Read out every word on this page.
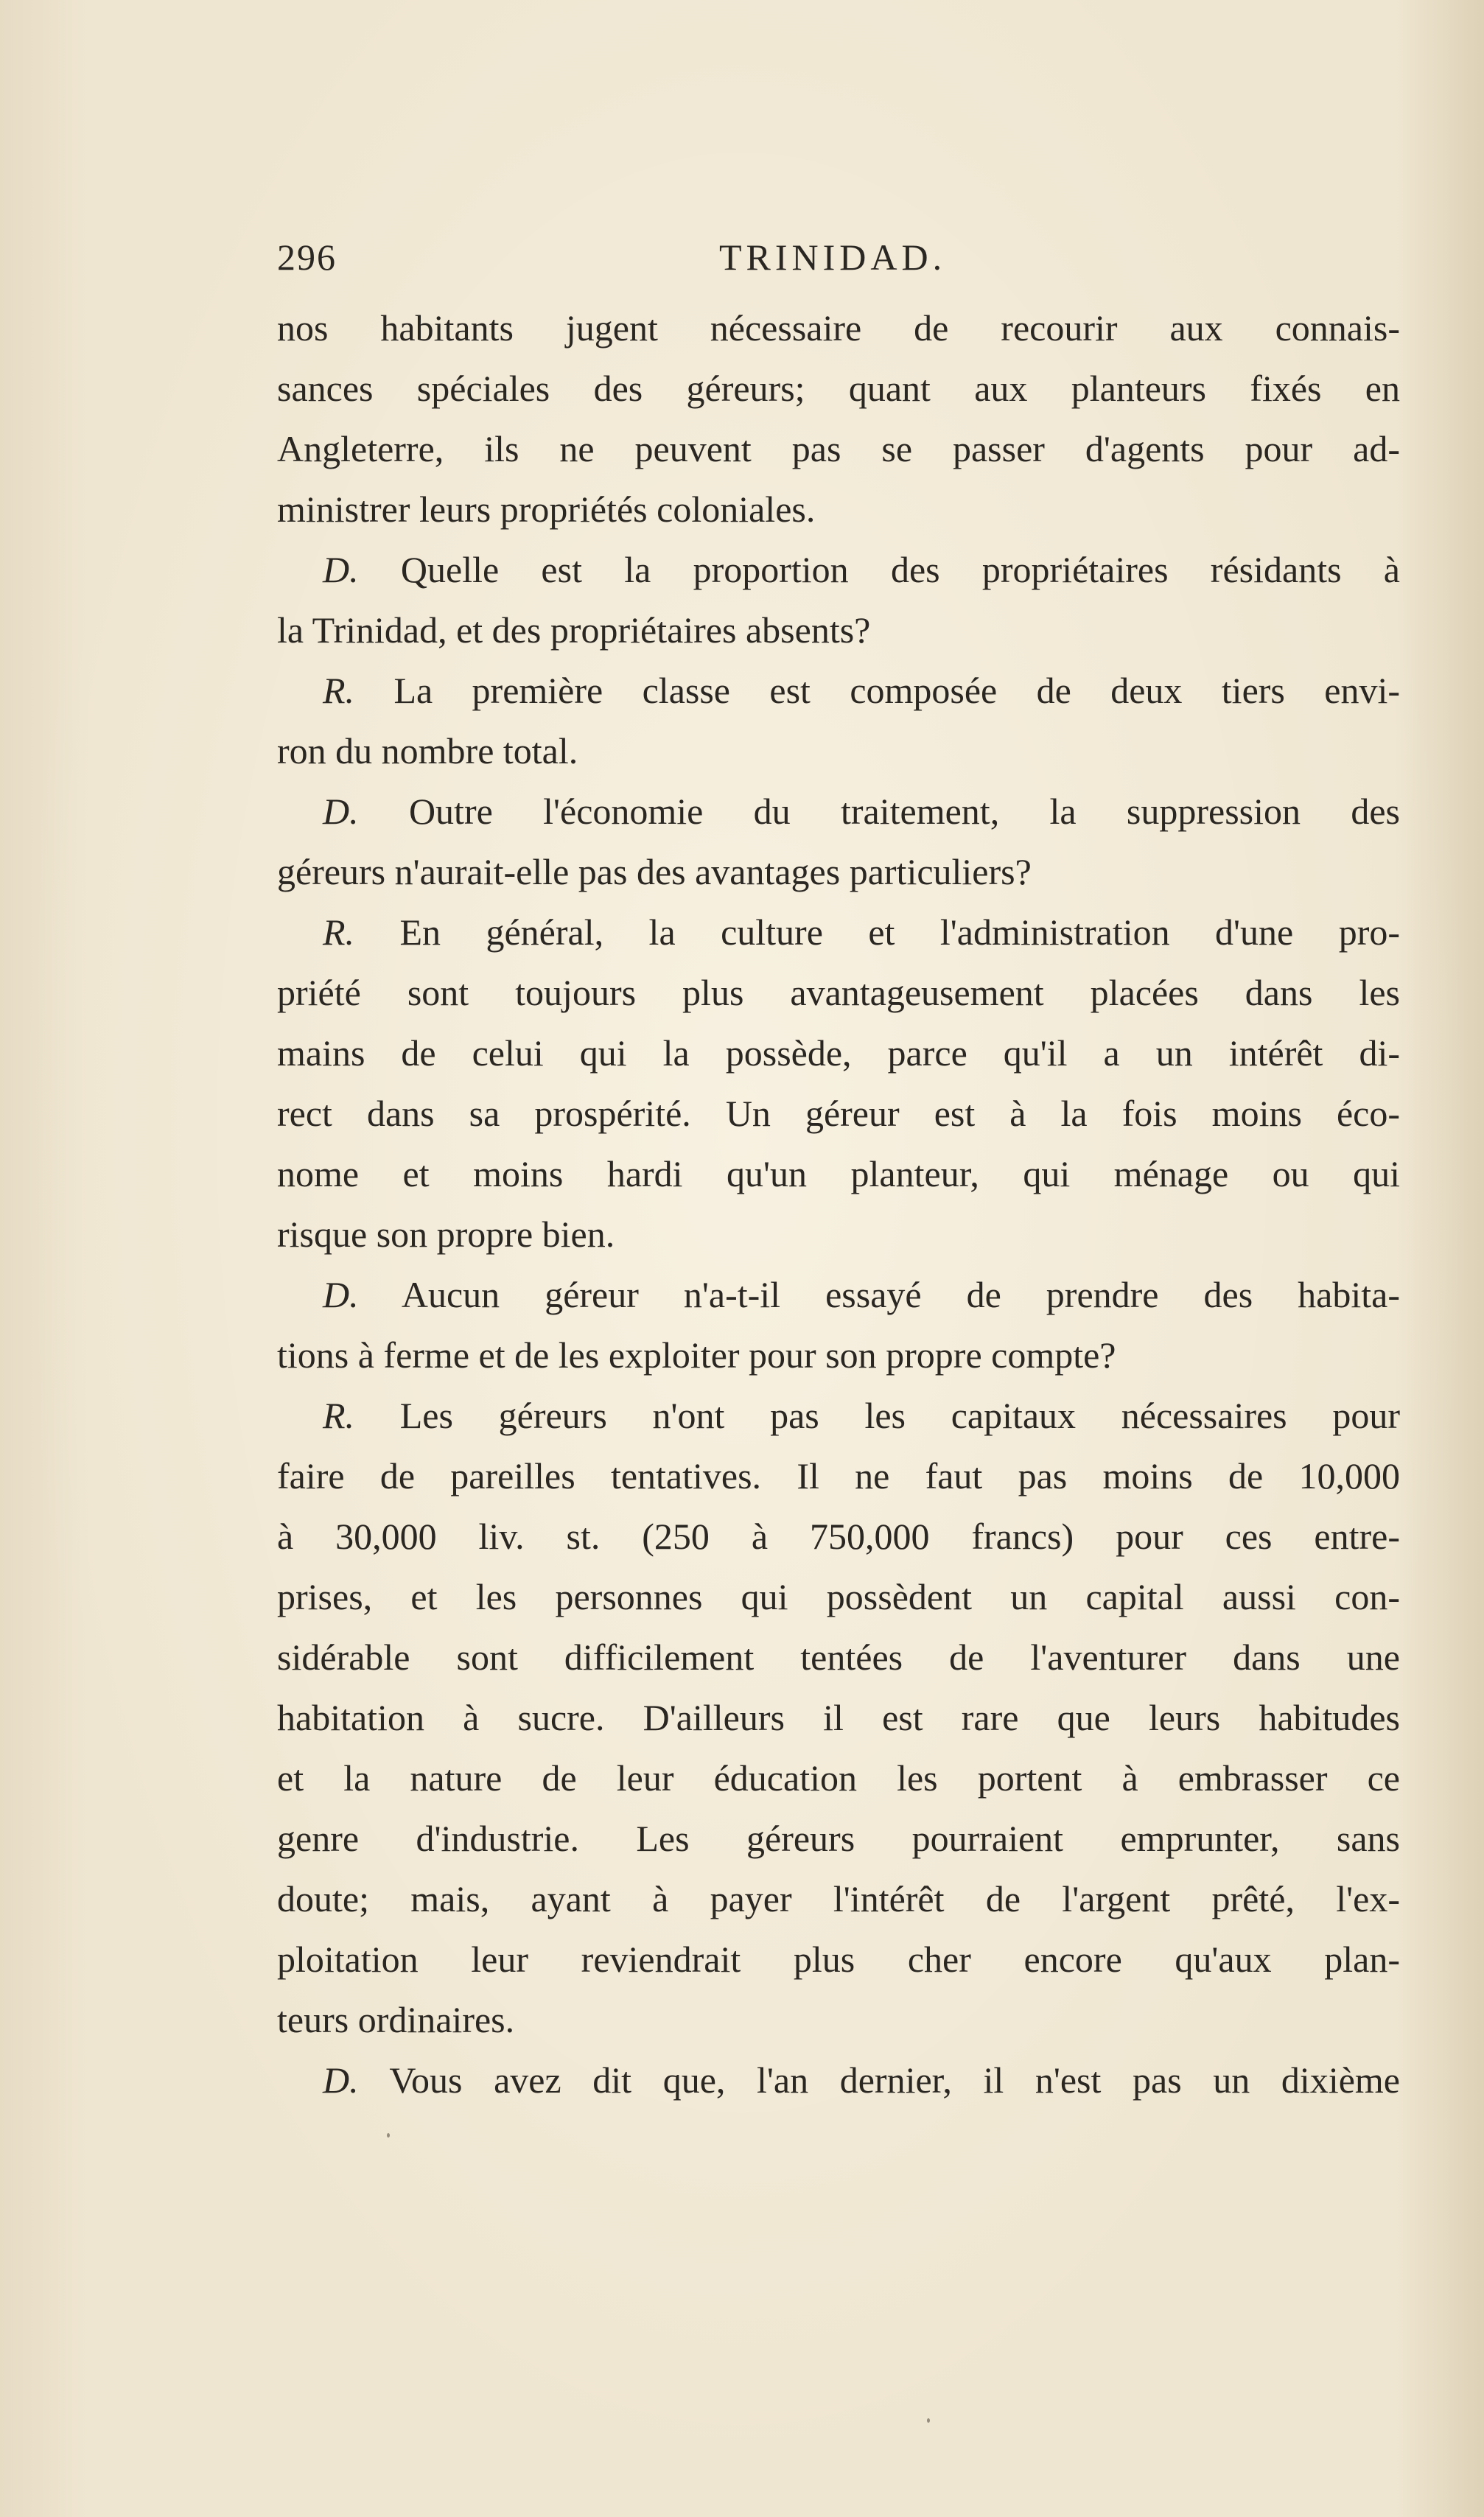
296	TRINIDAD.
nos habitants jugent nécessaire de recourir aux connais-
sances spéciales des géreurs; quant aux planteurs fixés en
Angleterre, ils ne peuvent pas se passer d'agents pour ad-
ministrer leurs propriétés coloniales.
D. Quelle est la proportion des propriétaires résidants à
la Trinidad, et des propriétaires absents?
R. La première classe est composée de deux tiers envi-
ron du nombre total.
D. Outre l'économie du traitement, la suppression des
géreurs n'aurait-elle pas des avantages particuliers?
R. En général, la culture et l'administration d'une pro-
priété sont toujours plus avantageusement placées dans les
mains de celui qui la possède, parce qu'il a un intérêt di-
rect dans sa prospérité. Un géreur est à la fois moins éco-
nome et moins hardi qu'un planteur, qui ménage ou qui
risque son propre bien.
D. Aucun géreur n'a-t-il essayé de prendre des habita-
tions à ferme et de les exploiter pour son propre compte?
R. Les géreurs n'ont pas les capitaux nécessaires pour
faire de pareilles tentatives. Il ne faut pas moins de 10,000
à 30,000 liv. st. (250 à 750,000 francs) pour ces entre-
prises, et les personnes qui possèdent un capital aussi con-
sidérable sont difficilement tentées de l'aventurer dans une
habitation à sucre. D'ailleurs il est rare que leurs habitudes
et la nature de leur éducation les portent à embrasser ce
genre d'industrie. Les géreurs pourraient emprunter, sans
doute; mais, ayant à payer l'intérêt de l'argent prêté, l'ex-
ploitation leur reviendrait plus cher encore qu'aux plan-
teurs ordinaires.
D. Vous avez dit que, l'an dernier, il n'est pas un dixième
